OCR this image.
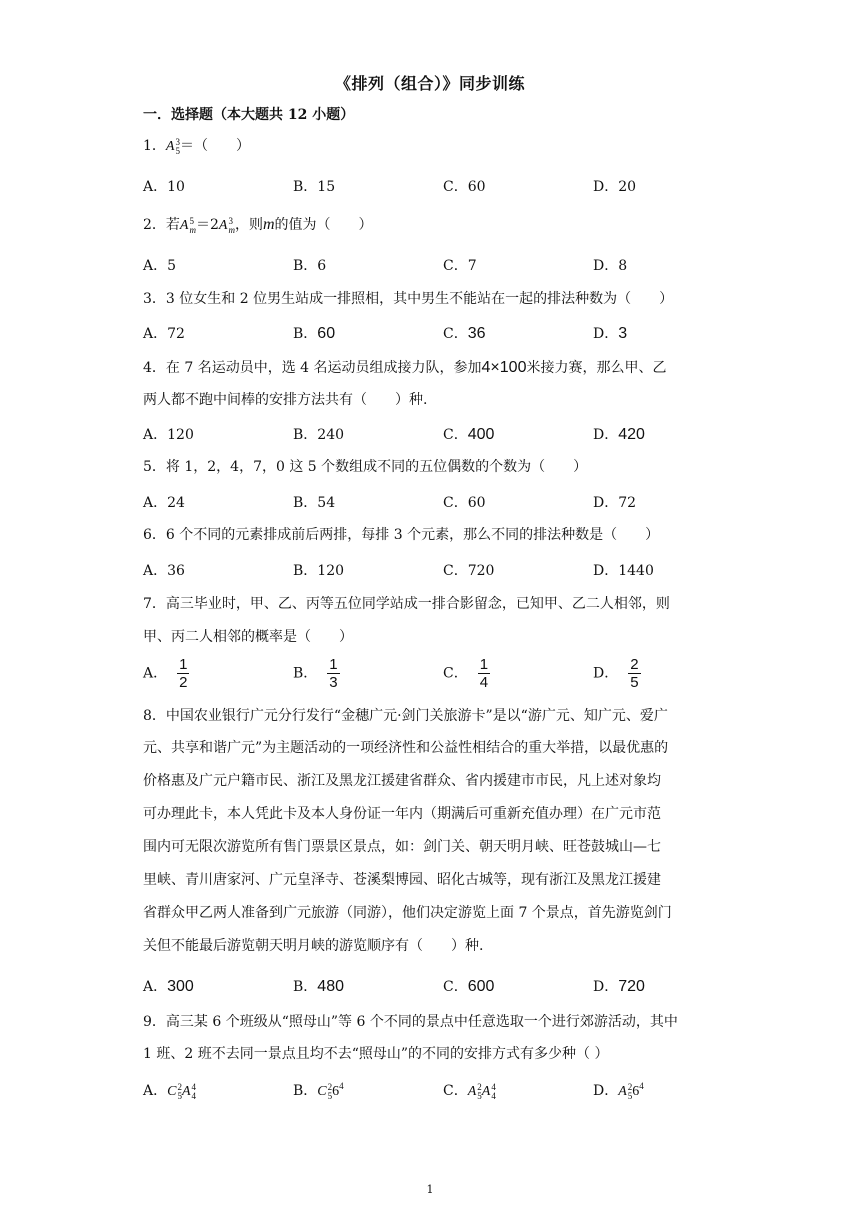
《排列（组合）》同步训练
一．选择题（本大题共 12 小题）
1．A 3
5 ＝（　　）
A．10	B．15	C．60	D．20
2．若A 5
m ＝2A 3
m ，则m的值为（　　）
A．5	B．6	C．7	D．8
3．3 位女生和 2 位男生站成一排照相，其中男生不能站在一起的排法种数为（　　）
A．72	B．60	C．36	D．3
4．在 7 名运动员中，选 4 名运动员组成接力队，参加4×100米接力赛，那么甲、乙
两人都不跑中间棒的安排方法共有（　　）种.
A．120	B．240	C．400	D．420
5．将 1，2，4，7，0 这 5 个数组成不同的五位偶数的个数为（　　）
A．24	B．54	C．60	D．72
6．6 个不同的元素排成前后两排，每排 3 个元素，那么不同的排法种数是（　　）
A．36	B．120	C．720	D．1440
7．高三毕业时，甲、乙、丙等五位同学站成一排合影留念，已知甲、乙二人相邻，则
甲、丙二人相邻的概率是（　　）
A． $\frac{1}{2}$	B． $\frac{1}{3}$	C． $\frac{1}{4}$	D． $\frac{2}{5}$
8．中国农业银行广元分行发行“金穗广元·剑门关旅游卡”是以“游广元、知广元、爱广
元、共享和谐广元”为主题活动的一项经济性和公益性相结合的重大举措，以最优惠的
价格惠及广元户籍市民、浙江及黑龙江援建省群众、省内援建市市民，凡上述对象均
可办理此卡，本人凭此卡及本人身份证一年内（期满后可重新充值办理）在广元市范
围内可无限次游览所有售门票景区景点，如：剑门关、朝天明月峡、旺苍鼓城山—七
里峡、青川唐家河、广元皇泽寺、苍溪梨博园、昭化古城等，现有浙江及黑龙江援建
省群众甲乙两人准备到广元旅游（同游），他们决定游览上面 7 个景点，首先游览剑门
关但不能最后游览朝天明月峡的游览顺序有（　　）种.
A．300	B．480	C．600	D．720
9．高三某 6 个班级从“照母山”等 6 个不同的景点中任意选取一个进行郊游活动，其中
1 班、2 班不去同一景点且均不去“照母山”的不同的安排方式有多少种（ ）
A．C 2
5 A 4
4	B．C 2
5 $6^4$	C．A 2
5 A 4
4	D．A 2
5 $6^4$
1
